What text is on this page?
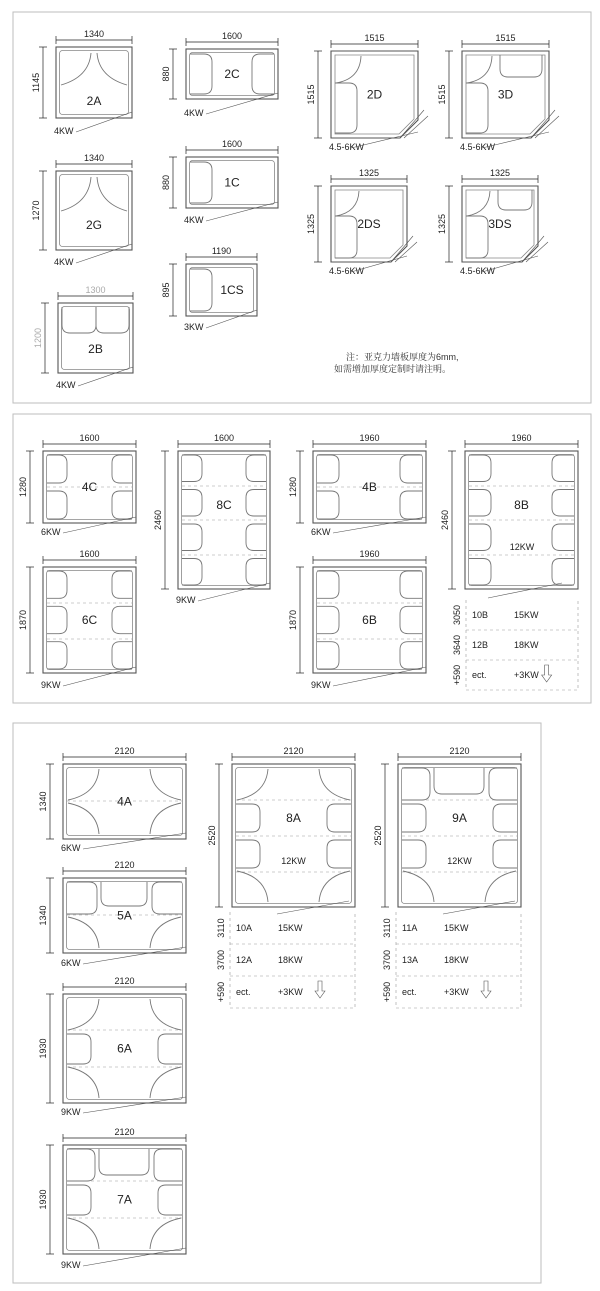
1340
1145
2A
4KW
1340
1270
2G
4KW
1300
1200
2B
4KW
1600
880	2C
4KW
1600
880	1C
4KW
1190
895	1CS
3KW
1515
1515	2D
4.5-6KW
1515
1515	3D
4.5-6KW
1325
1325	2DS
4.5-6KW
1325
1325	3DS
4.5-6KW
1600
1280	4C
6KW
1600
1870	6C
9KW
1600
2460
8C
9KW
1960
1280	4B
6KW
1960
1870	6B
9KW
1960
2460
8B
12KW
2120
1340	4A
6KW
2120
1340	5A
6KW
2120
1930	6A
9KW
2120
1930	7A
9KW
2120
2520
8A
2120
2520
9A
12KW	12KW
3050 10B	15KW
3640 12B	18KW
+590 ect.	+3KW
3110 10A	15KW
3700 12A	18KW
+590 ect.	+3KW
3110 11A	15KW
3700 13A	18KW
+590 ect.	+3KW
注：亚克力墙板厚度为6mm,
如需增加厚度定制时请注明。
